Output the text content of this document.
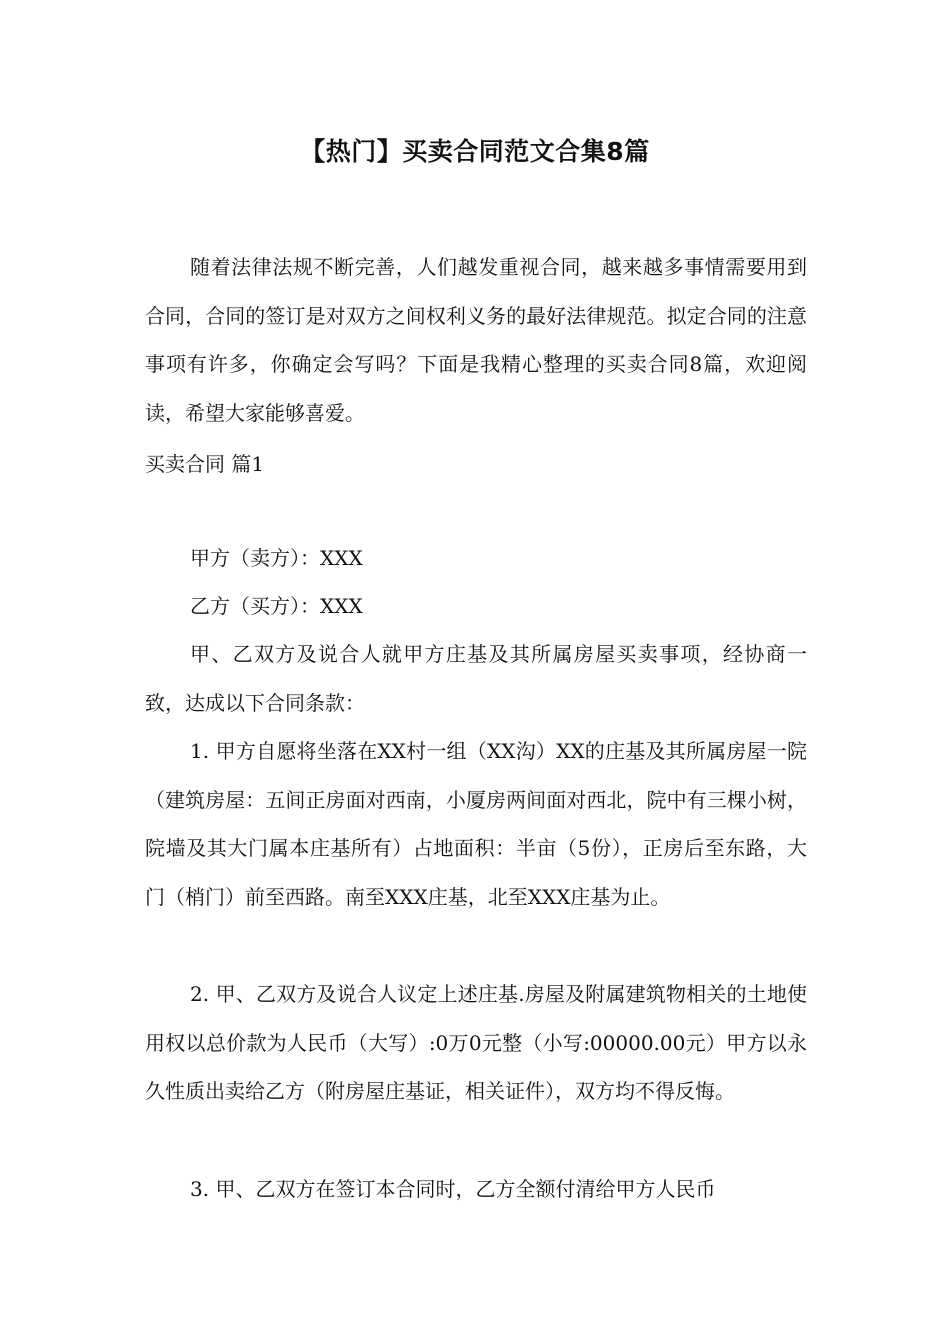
【热门】买卖合同范文合集8篇

随着法律法规不断完善，人们越发重视合同，越来越多事情需要用到合同，合同的签订是对双方之间权利义务的最好法律规范。拟定合同的注意事项有许多，你确定会写吗？下面是我精心整理的买卖合同8篇，欢迎阅读，希望大家能够喜爱。

买卖合同 篇1

甲方（卖方）：XXX

乙方（买方）：XXX

甲、乙双方及说合人就甲方庄基及其所属房屋买卖事项，经协商一致，达成以下合同条款：

1. 甲方自愿将坐落在XX村一组（XX沟）XX的庄基及其所属房屋一院（建筑房屋：五间正房面对西南，小厦房两间面对西北，院中有三棵小树，院墙及其大门属本庄基所有）占地面积：半亩（5份），正房后至东路，大门（梢门）前至西路。南至XXX庄基，北至XXX庄基为止。

2. 甲、乙双方及说合人议定上述庄基.房屋及附属建筑物相关的土地使用权以总价款为人民币（大写）:0万0元整（小写:00000.00元）甲方以永久性质出卖给乙方（附房屋庄基证，相关证件），双方均不得反悔。

3. 甲、乙双方在签订本合同时，乙方全额付清给甲方人民币
